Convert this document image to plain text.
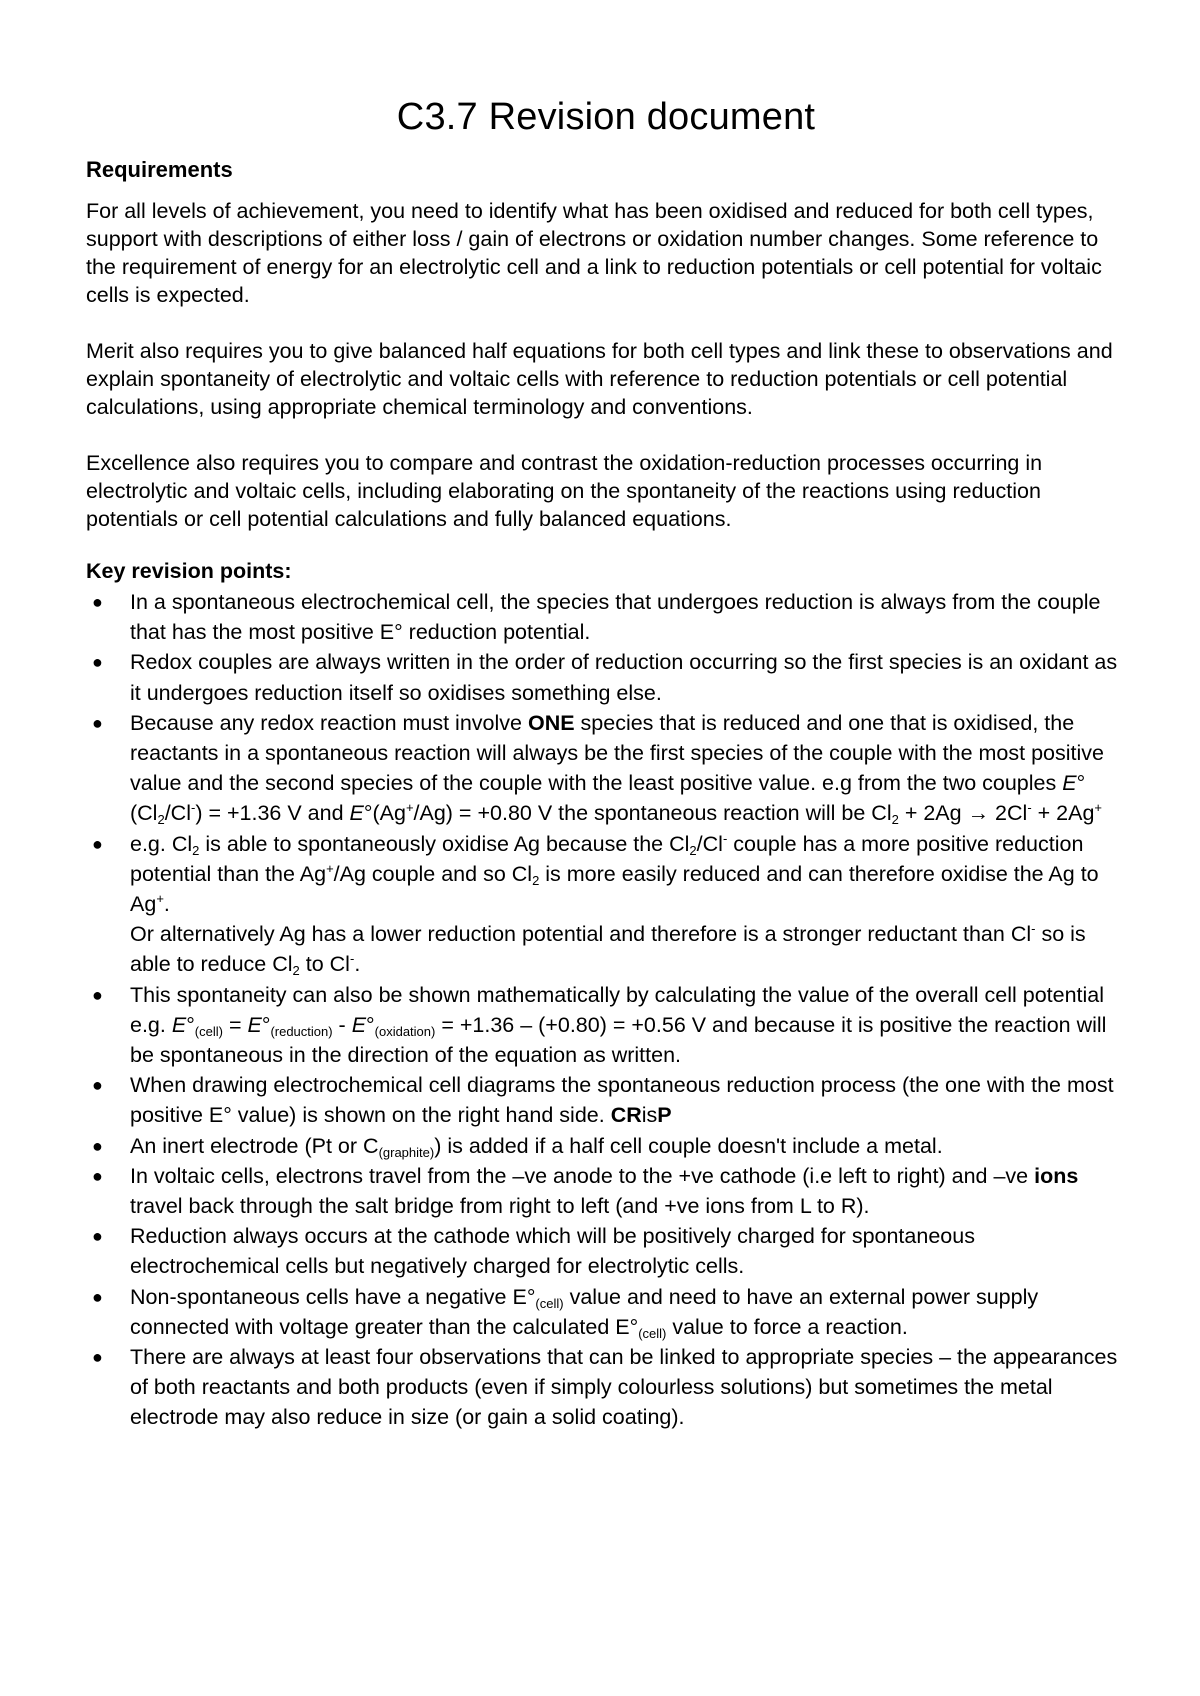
C3.7 Revision document
Requirements

For all levels of achievement, you need to identify what has been oxidised and reduced for both cell types, support with descriptions of either loss / gain of electrons or oxidation number changes. Some reference to the requirement of energy for an electrolytic cell and a link to reduction potentials or cell potential for voltaic cells is expected.

Merit also requires you to give balanced half equations for both cell types and link these to observations and explain spontaneity of electrolytic and voltaic cells with reference to reduction potentials or cell potential calculations, using appropriate chemical terminology and conventions.

Excellence also requires you to compare and contrast the oxidation-reduction processes occurring in electrolytic and voltaic cells, including elaborating on the spontaneity of the reactions using reduction potentials or cell potential calculations and fully balanced equations.

Key revision points:
● In a spontaneous electrochemical cell, the species that undergoes reduction is always from the couple that has the most positive E° reduction potential.
● Redox couples are always written in the order of reduction occurring so the first species is an oxidant as it undergoes reduction itself so oxidises something else.
● Because any redox reaction must involve ONE species that is reduced and one that is oxidised, the reactants in a spontaneous reaction will always be the first species of the couple with the most positive value and the second species of the couple with the least positive value. e.g from the two couples $E^\circ(Cl_2/Cl^-) = +1.36$ V and E°(Ag+/Ag) = +0.80 V the spontaneous reaction will be $Cl_2 + 2Ag \to 2Cl^- + 2Ag^+$
● e.g. $Cl_2$ is able to spontaneously oxidise Ag because the $Cl_2/Cl^-$ couple has a more positive reduction potential than the Ag+/Ag couple and so $Cl_2$ is more easily reduced and can therefore oxidise the Ag to Ag+.
Or alternatively Ag has a lower reduction potential and therefore is a stronger reductant than Cl- so is able to reduce $Cl_2$ to Cl-.
● This spontaneity can also be shown mathematically by calculating the value of the overall cell potential e.g. $E^\circ_{(cell)} = E^\circ_{(reduction)} - E^\circ_{(oxidation)} = +1.36 - (+0.80) = +0.56$ V and because it is positive the reaction will be spontaneous in the direction of the equation as written.
● When drawing electrochemical cell diagrams the spontaneous reduction process (the one with the most positive E° value) is shown on the right hand side. CRisP
● An inert electrode (Pt or $C_{(graphite)}$) is added if a half cell couple doesn't include a metal.
● In voltaic cells, electrons travel from the –ve anode to the +ve cathode (i.e left to right) and –ve ions travel back through the salt bridge from right to left (and +ve ions from L to R).
● Reduction always occurs at the cathode which will be positively charged for spontaneous electrochemical cells but negatively charged for electrolytic cells.
● Non-spontaneous cells have a negative $E^\circ_{(cell)}$ value and need to have an external power supply connected with voltage greater than the calculated $E^\circ_{(cell)}$ value to force a reaction.
● There are always at least four observations that can be linked to appropriate species – the appearances of both reactants and both products (even if simply colourless solutions) but sometimes the metal electrode may also reduce in size (or gain a solid coating).
